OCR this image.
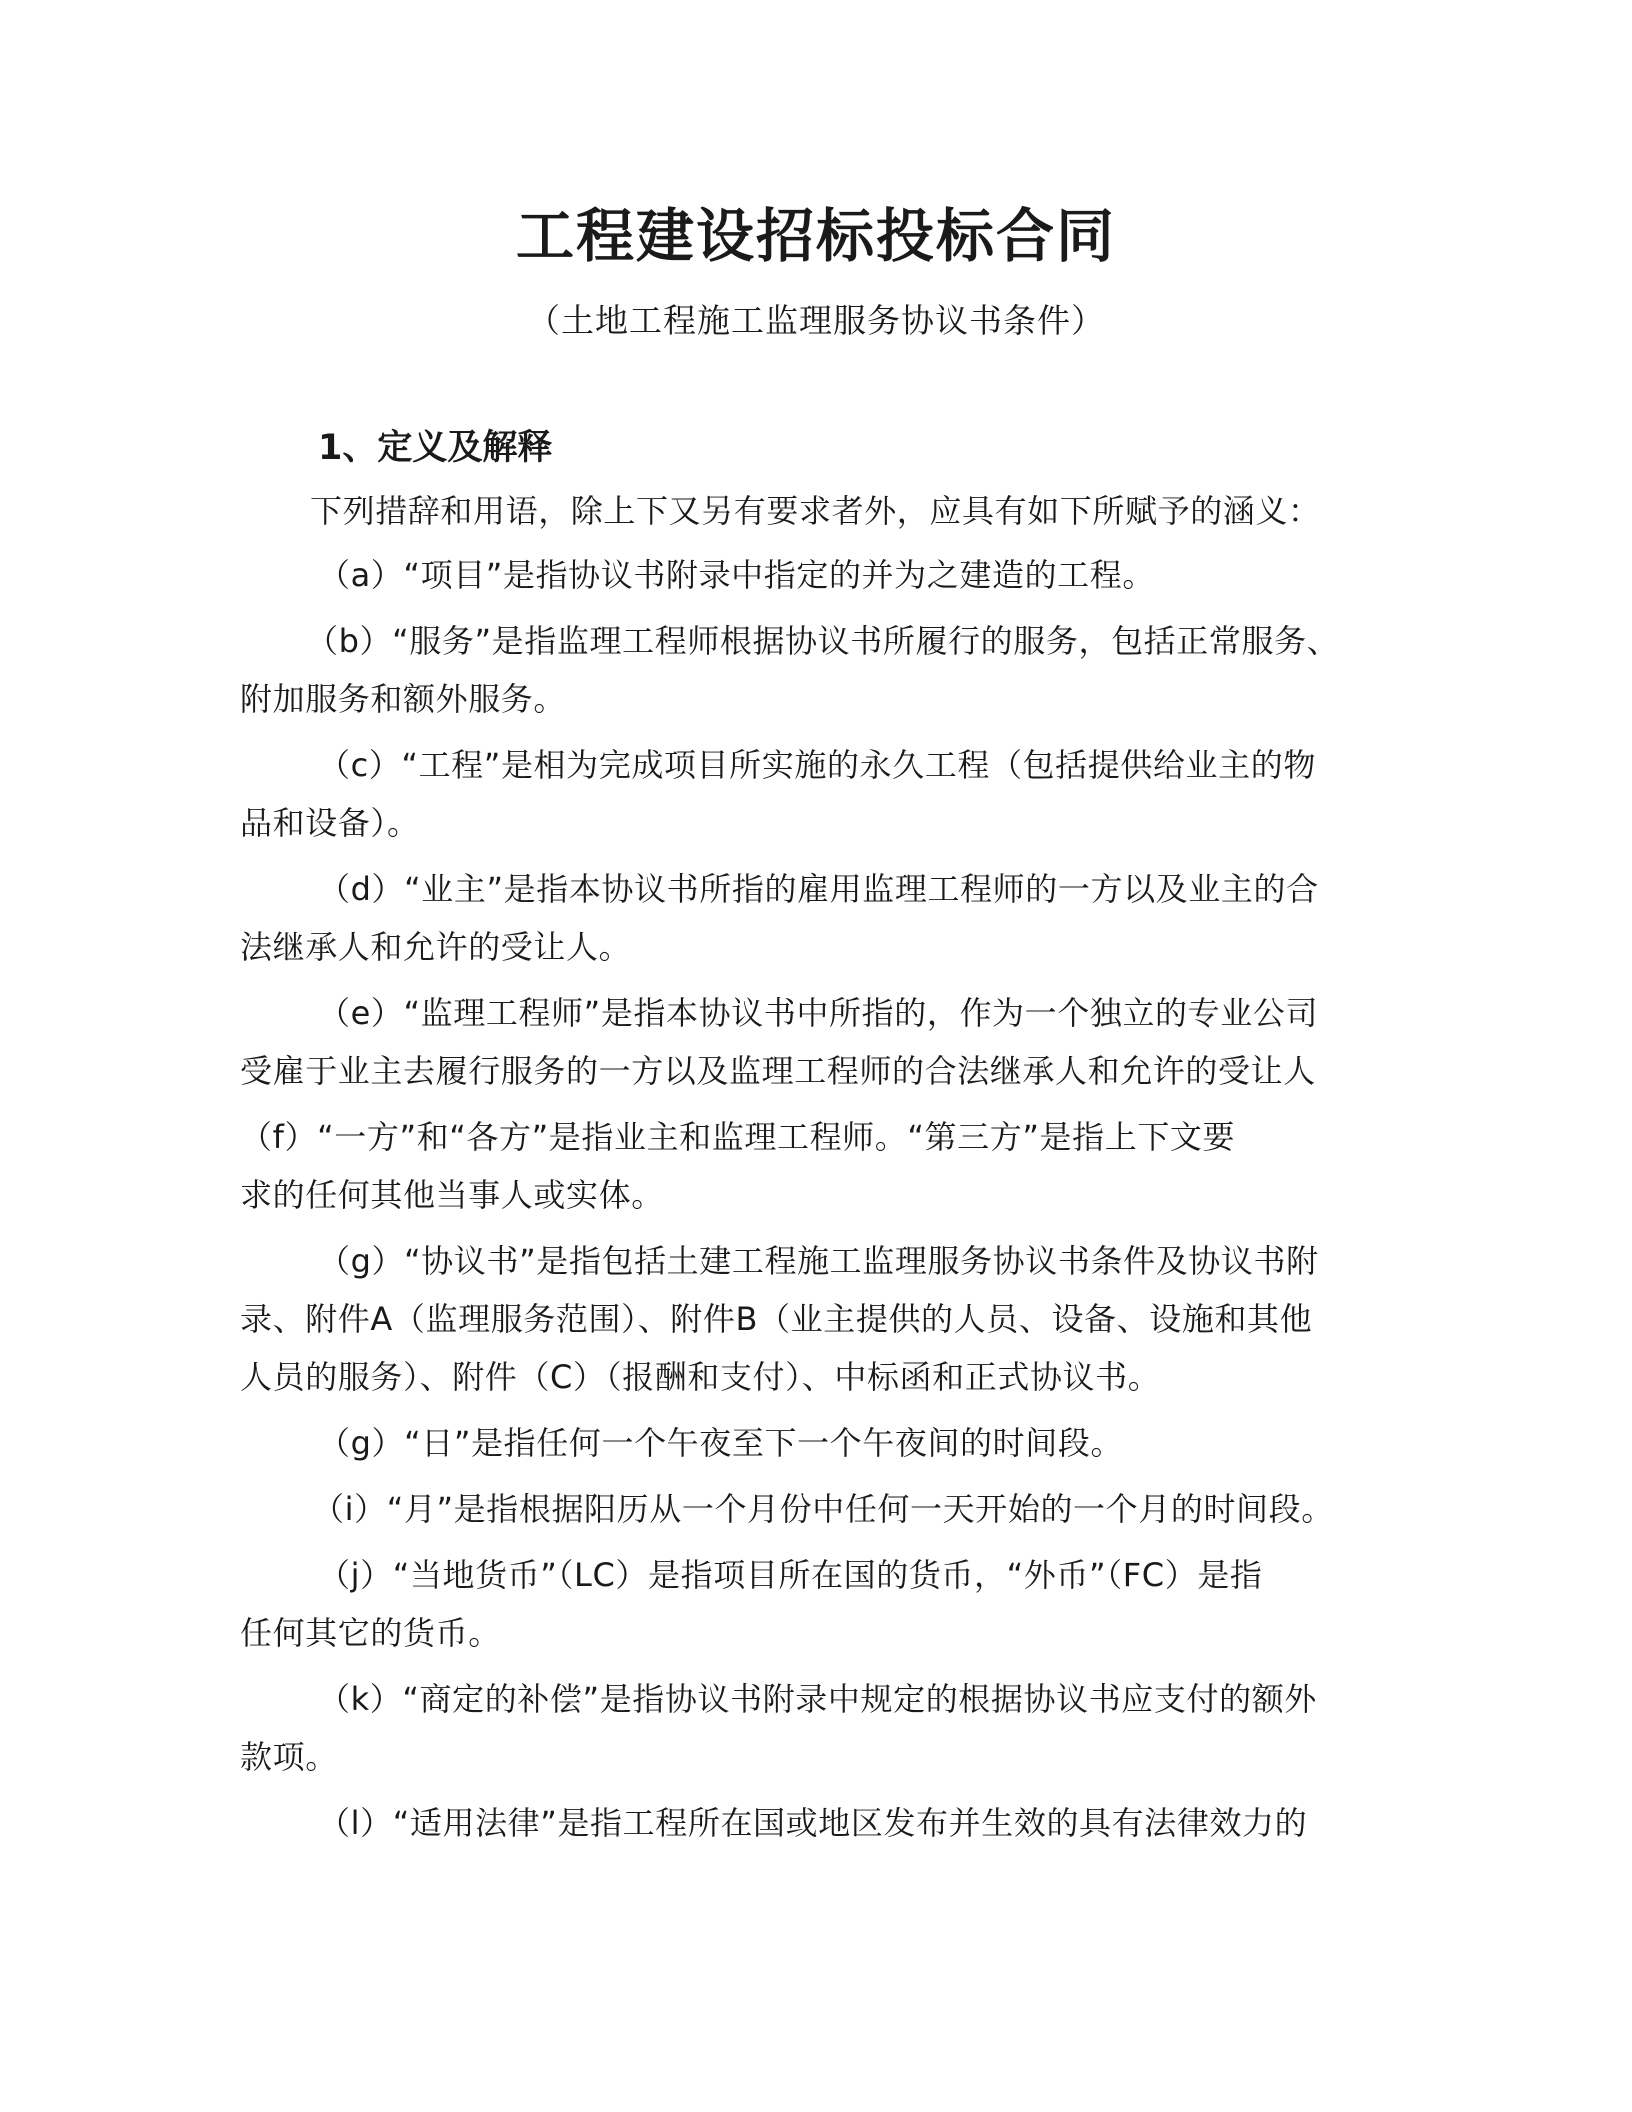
工程建设招标投标合同
（土地工程施工监理服务协议书条件）
1、定义及解释

下列措辞和用语，除上下又另有要求者外，应具有如下所赋予的涵义：

（a）“项目”是指协议书附录中指定的并为之建造的工程。

（b）“服务”是指监理工程师根据协议书所履行的服务，包括正常服务、
附加服务和额外服务。

（c）“工程”是相为完成项目所实施的永久工程（包括提供给业主的物
品和设备）。

（d）“业主”是指本协议书所指的雇用监理工程师的一方以及业主的合
法继承人和允许的受让人。

（e）“监理工程师”是指本协议书中所指的，作为一个独立的专业公司
受雇于业主去履行服务的一方以及监理工程师的合法继承人和允许的受让人

（f）“一方”和“各方”是指业主和监理工程师。“第三方”是指上下文要
求的任何其他当事人或实体。

（g）“协议书”是指包括土建工程施工监理服务协议书条件及协议书附
录、附件A（监理服务范围）、附件B（业主提供的人员、设备、设施和其他
人员的服务）、附件（C）（报酬和支付）、中标函和正式协议书。

（g）“日”是指任何一个午夜至下一个午夜间的时间段。

（i）“月”是指根据阳历从一个月份中任何一天开始的一个月的时间段。

（j）“当地货币”（LC）是指项目所在国的货币，“外币”（FC）是指
任何其它的货币。

（k）“商定的补偿”是指协议书附录中规定的根据协议书应支付的额外
款项。

（l）“适用法律”是指工程所在国或地区发布并生效的具有法律效力的
